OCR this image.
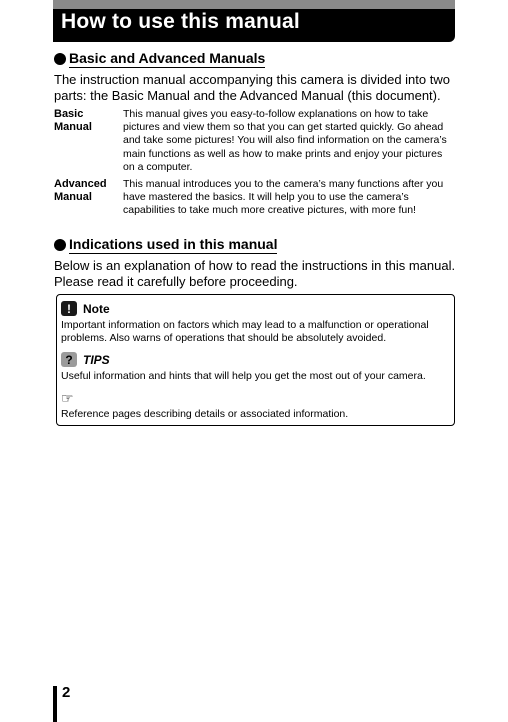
How to use this manual
Basic and Advanced Manuals
The instruction manual accompanying this camera is divided into two
parts: the Basic Manual and the Advanced Manual (this document).
Basic
Manual
This manual gives you easy-to-follow explanations on how to take
pictures and view them so that you can get started quickly. Go ahead
and take some pictures! You will also find information on the camera’s
main functions as well as how to make prints and enjoy your pictures
on a computer.
Advanced
Manual
This manual introduces you to the camera’s many functions after you
have mastered the basics. It will help you to use the camera’s
capabilities to take much more creative pictures, with more fun!
Indications used in this manual
Below is an explanation of how to read the instructions in this manual.
Please read it carefully before proceeding.
!	Note
Important information on factors which may lead to a malfunction or operational
problems. Also warns of operations that should be absolutely avoided.
? TIPS
Useful information and hints that will help you get the most out of your camera.
☞
Reference pages describing details or associated information.
2
